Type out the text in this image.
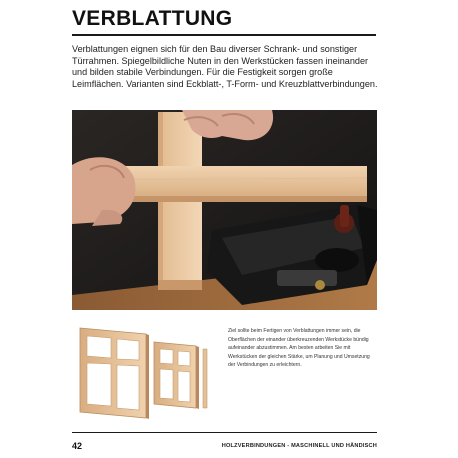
VERBLATTUNG

Verblattungen eignen sich für den Bau diverser Schrank- und sonstiger Türrahmen. Spiegelbildliche Nuten in den Werkstücken fassen ineinander und bilden stabile Verbindungen. Für die Festigkeit sorgen große Leimflächen. Varianten sind Eckblatt-, T-Form- und Kreuzblattverbindungen.

Ziel sollte beim Fertigen von Verblattungen immer sein, die Oberflächen der einander überkreuzenden Werkstücke bündig aufeinander abzustimmen. Am besten arbeiten Sie mit Werkstücken der gleichen Stärke, um Planung und Umsetzung der Verbindungen zu erleichtern.

42	HOLZVERBINDUNGEN - MASCHINELL UND HÄNDISCH
